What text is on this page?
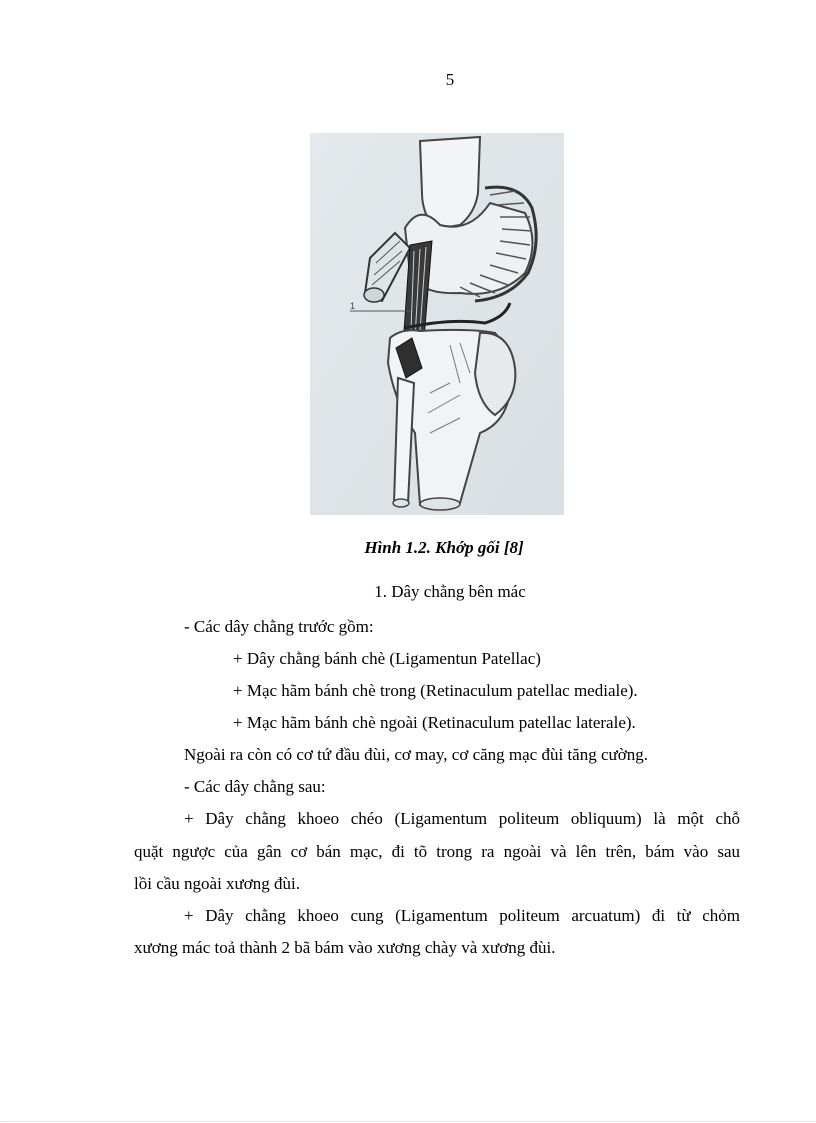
5
1
Hình 1.2. Khớp gối [8]
1. Dây chằng bên mác
- Các dây chằng trước gồm:
+ Dây chằng bánh chè (Ligamentun Patellac)
+ Mạc hãm bánh chè trong (Retinaculum patellac mediale).
+ Mạc hãm bánh chè ngoài (Retinaculum patellac laterale).
Ngoài ra còn có cơ tứ đầu đùi, cơ may, cơ căng mạc đùi tăng cường.
- Các dây chằng sau:
+ Dây chằng khoeo chéo (Ligamentum politeum obliquum) là một chỗ
quặt ngược của gân cơ bán mạc, đi tõ trong ra ngoài và lên trên, bám vào sau
lồi cầu ngoài xương đùi.
+ Dây chằng khoeo cung (Ligamentum politeum arcuatum) đi từ chỏm
xương mác toả thành 2 bã bám vào xương chày và xương đùi.
